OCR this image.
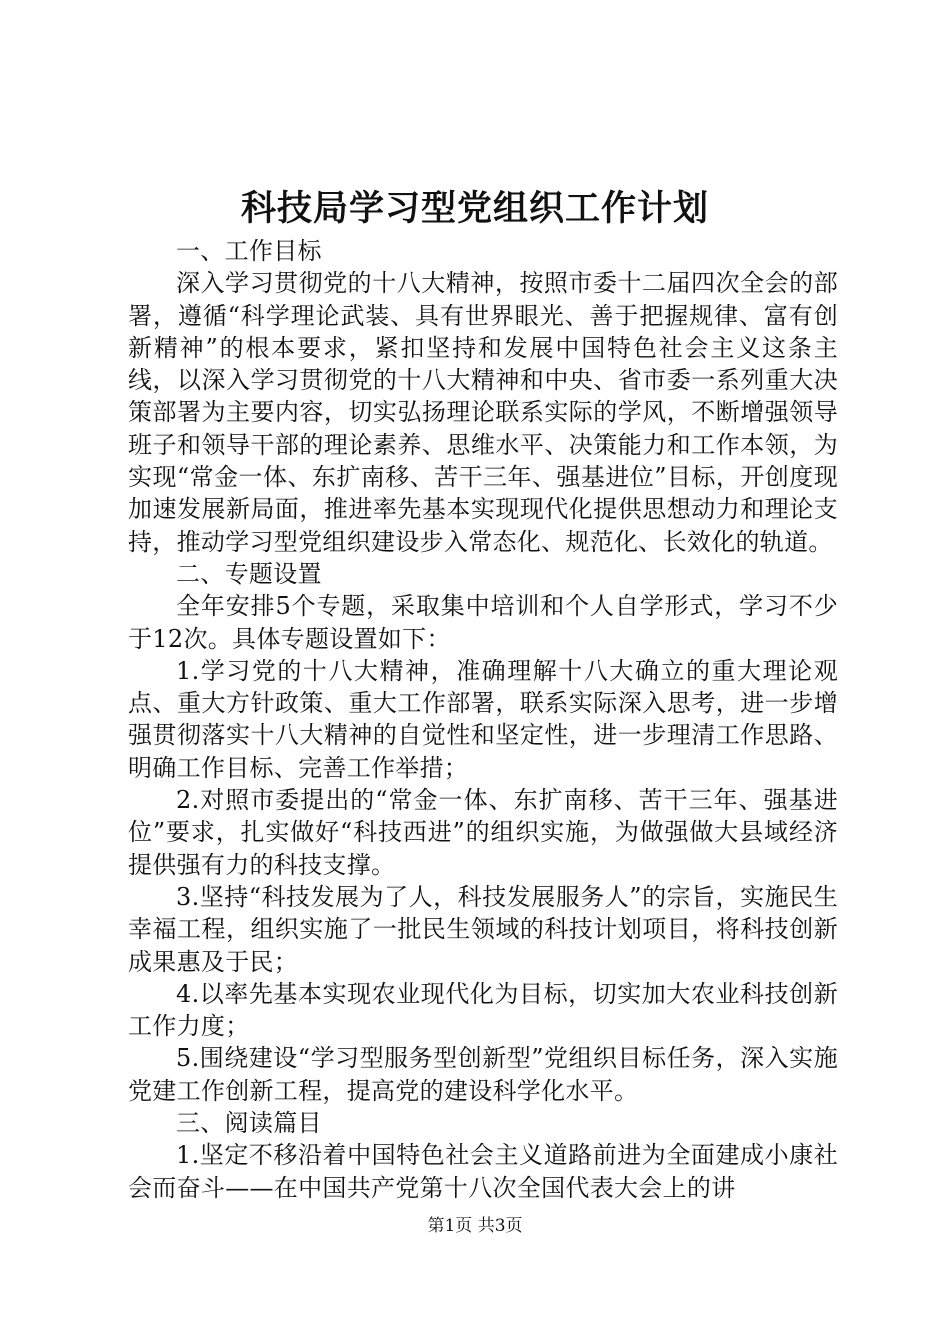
科技局学习型党组织工作计划

一、工作目标

深入学习贯彻党的十八大精神，按照市委十二届四次全会的部署，遵循“科学理论武装、具有世界眼光、善于把握规律、富有创新精神”的根本要求，紧扣坚持和发展中国特色社会主义这条主线，以深入学习贯彻党的十八大精神和中央、省市委一系列重大决策部署为主要内容，切实弘扬理论联系实际的学风，不断增强领导班子和领导干部的理论素养、思维水平、决策能力和工作本领，为实现“常金一体、东扩南移、苦干三年、强基进位”目标，开创度现加速发展新局面，推进率先基本实现现代化提供思想动力和理论支持，推动学习型党组织建设步入常态化、规范化、长效化的轨道。

二、专题设置

全年安排5个专题，采取集中培训和个人自学形式，学习不少于12次。具体专题设置如下：

1.学习党的十八大精神，准确理解十八大确立的重大理论观点、重大方针政策、重大工作部署，联系实际深入思考，进一步增强贯彻落实十八大精神的自觉性和坚定性，进一步理清工作思路、明确工作目标、完善工作举措；

2.对照市委提出的“常金一体、东扩南移、苦干三年、强基进位”要求，扎实做好“科技西进”的组织实施，为做强做大县域经济提供强有力的科技支撑。

3.坚持“科技发展为了人，科技发展服务人”的宗旨，实施民生幸福工程，组织实施了一批民生领域的科技计划项目，将科技创新成果惠及于民；

4.以率先基本实现农业现代化为目标，切实加大农业科技创新工作力度；

5.围绕建设“学习型服务型创新型”党组织目标任务，深入实施党建工作创新工程，提高党的建设科学化水平。

三、阅读篇目

1.坚定不移沿着中国特色社会主义道路前进为全面建成小康社会而奋斗——在中国共产党第十八次全国代表大会上的讲

第1页 共3页
